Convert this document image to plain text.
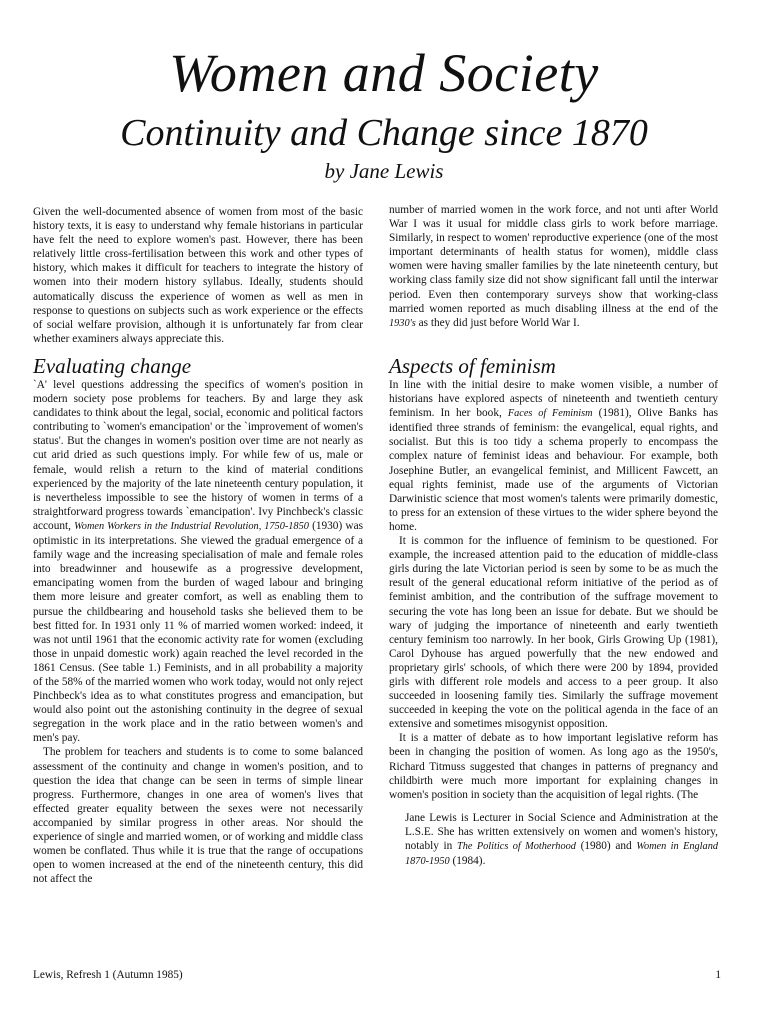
Women and Society
Continuity and Change since 1870
by Jane Lewis

Given the well-documented absence of women from most of the basic history texts, it is easy to understand why female historians in particular have felt the need to explore women's past. However, there has been relatively little cross-fertilisation between this work and other types of history, which makes it difficult for teachers to integrate the history of women into their modern history syllabus. Ideally, students should automatically discuss the experience of women as well as men in response to questions on subjects such as work experience or the effects of social welfare provision, although it is unfortunately far from clear whether examiners always appreciate this.

Evaluating change

`A' level questions addressing the specifics of women's position in modern society pose problems for teachers. By and large they ask candidates to think about the legal, social, economic and political factors contributing to `women's emancipation' or the `improvement of women's status'. But the changes in women's position over time are not nearly as cut arid dried as such questions imply. For while few of us, male or female, would relish a return to the kind of material conditions experienced by the majority of the late nineteenth century population, it is nevertheless impossible to see the history of women in terms of a straightforward progress towards `emancipation'. Ivy Pinchbeck's classic account, Women Workers in the Industrial Revolution, 1750-1850 (1930) was optimistic in its interpretations. She viewed the gradual emergence of a family wage and the increasing specialisation of male and female roles into breadwinner and housewife as a progressive development, emancipating women from the burden of waged labour and bringing them more leisure and greater comfort, as well as enabling them to pursue the childbearing and household tasks she believed them to be best fitted for. In 1931 only 11 % of married women worked: indeed, it was not until 1961 that the economic activity rate for women (excluding those in unpaid domestic work) again reached the level recorded in the 1861 Census. (See table 1.) Feminists, and in all probability a majority of the 58% of the married women who work today, would not only reject Pinchbeck's idea as to what constitutes progress and emancipation, but would also point out the astonishing continuity in the degree of sexual segregation in the work place and in the ratio between women's and men's pay.

The problem for teachers and students is to come to some balanced assessment of the continuity and change in women's position, and to question the idea that change can be seen in terms of simple linear progress. Furthermore, changes in one area of women's lives that effected greater equality between the sexes were not necessarily accompanied by similar progress in other areas. Nor should the experience of single and married women, or of working and middle class women be conflated. Thus while it is true that the range of occupations open to women increased at the end of the nineteenth century, this did not affect the

number of married women in the work force, and not unti after World War I was it usual for middle class girls to work before marriage. Similarly, in respect to women' reproductive experience (one of the most important determinants of health status for women), middle class women were having smaller families by the late nineteenth century, but working class family size did not show significant fall until the interwar period. Even then contemporary surveys show that working-class married women reported as much disabling illness at the end of the 1930's as they did just before World War I.

Aspects of feminism

In line with the initial desire to make women visible, a number of historians have explored aspects of nineteenth and twentieth century feminism. In her book, Faces of Feminism (1981), Olive Banks has identified three strands of feminism: the evangelical, equal rights, and socialist. But this is too tidy a schema properly to encompass the complex nature of feminist ideas and behaviour. For example, both Josephine Butler, an evangelical feminist, and Millicent Fawcett, an equal rights feminist, made use of the arguments of Victorian Darwinistic science that most women's talents were primarily domestic, to press for an extension of these virtues to the wider sphere beyond the home.

It is common for the influence of feminism to be questioned. For example, the increased attention paid to the education of middle-class girls during the late Victorian period is seen by some to be as much the result of the general educational reform initiative of the period as of feminist ambition, and the contribution of the suffrage movement to securing the vote has long been an issue for debate. But we should be wary of judging the importance of nineteenth and early twentieth century feminism too narrowly. In her book, Girls Growing Up (1981), Carol Dyhouse has argued powerfully that the new endowed and proprietary girls' schools, of which there were 200 by 1894, provided girls with different role models and access to a peer group. It also succeeded in loosening family ties. Similarly the suffrage movement succeeded in keeping the vote on the political agenda in the face of an extensive and sometimes misogynist opposition.

It is a matter of debate as to how important legislative reform has been in changing the position of women. As long ago as the 1950's, Richard Titmuss suggested that changes in patterns of pregnancy and childbirth were much more important for explaining changes in women's position in society than the acquisition of legal rights. (The

Jane Lewis is Lecturer in Social Science and Administration at the L.S.E. She has written extensively on women and women's history, notably in The Politics of Motherhood (1980) and Women in England 1870-1950 (1984).

Lewis, Refresh 1 (Autumn 1985)	1
